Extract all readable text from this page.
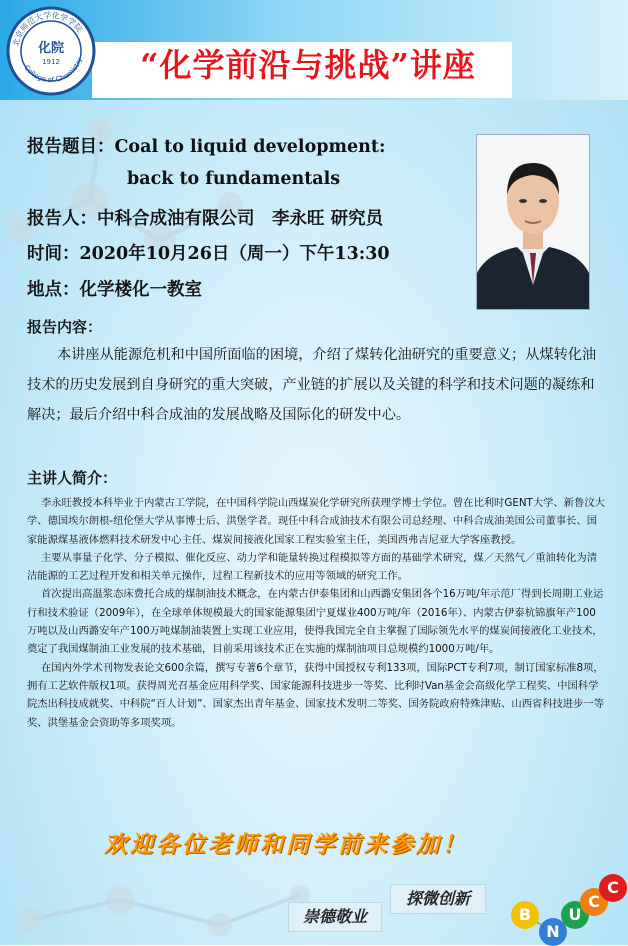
北京师范大学化学学院
College of Chemistry
化院
1912	“化学前沿与挑战”讲座
报告题目：Coal to liquid development:
back to fundamentals
报告人：中科合成油有限公司　李永旺 研究员
时间：2020年10月26日（周一）下午13:30
地点：化学楼化一教室
报告内容：
本讲座从能源危机和中国所面临的困境，介绍了煤转化油研究的重要意义；从煤转化油技术的历史发展到自身研究的重大突破，产业链的扩展以及关键的科学和技术问题的凝练和解决；最后介绍中科合成油的发展战略及国际化的研发中心。
主讲人简介：

李永旺教授本科毕业于内蒙古工学院，在中国科学院山西煤炭化学研究所获理学博士学位。曾在比利时GENT大学、新鲁汶大学、德国埃尔朗根-纽伦堡大学从事博士后、洪堡学者。现任中科合成油技术有限公司总经理、中科合成油美国公司董事长、国家能源煤基液体燃料技术研发中心主任、煤炭间接液化国家工程实验室主任，美国西弗吉尼亚大学客座教授。

主要从事量子化学、分子模拟、催化反应、动力学和能量转换过程模拟等方面的基础学术研究，煤／天然气／重油转化为清洁能源的工艺过程开发和相关单元操作，过程工程新技术的应用等领域的研究工作。

首次提出高温浆态床费托合成的煤制油技术概念，在内蒙古伊泰集团和山西潞安集团各个16万吨/年示范厂得到长周期工业运行和技术验证（2009年），在全球单体规模最大的国家能源集团宁夏煤业400万吨/年（2016年）、内蒙古伊泰杭锦旗年产100万吨以及山西潞安年产100万吨煤制油装置上实现工业应用，使得我国完全自主掌握了国际领先水平的煤炭间接液化工业技术，奠定了我国煤制油工业发展的技术基础，目前采用该技术正在实施的煤制油项目总规模约1000万吨/年。

在国内外学术刊物发表论文600余篇，撰写专著6个章节，获得中国授权专利133项，国际PCT专利7项，制订国家标准8项，拥有工艺软件版权1项。获得周光召基金应用科学奖、国家能源科技进步一等奖、比利时Van基金会高级化学工程奖、中国科学院杰出科技成就奖、中科院“百人计划”、国家杰出青年基金、国家技术发明二等奖、国务院政府特殊津贴、山西省科技进步一等奖、洪堡基金会资助等多项奖项。

欢迎各位老师和同学前来参加！
崇德敬业
探微创新
B
N
U
C
C
